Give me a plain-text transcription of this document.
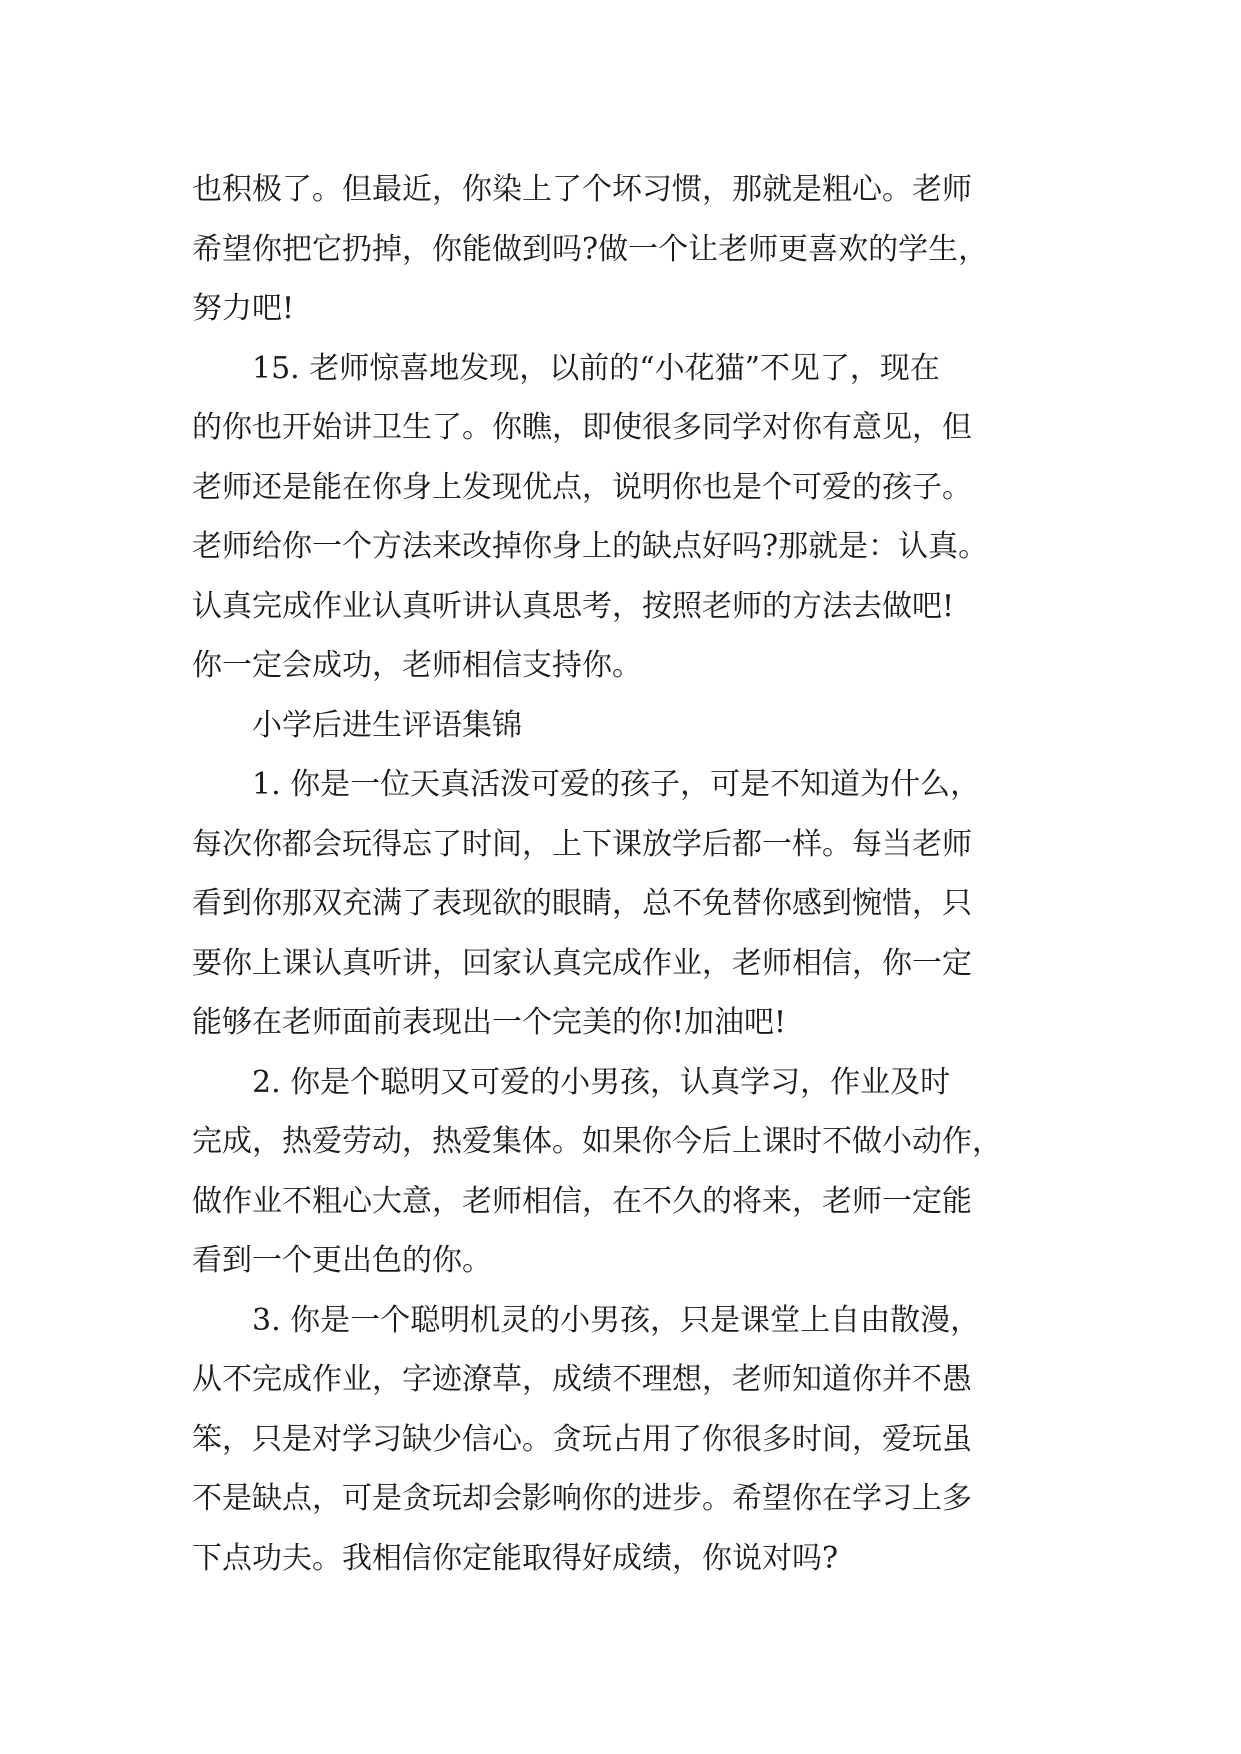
也积极了。但最近，你染上了个坏习惯，那就是粗心。老师
希望你把它扔掉，你能做到吗?做一个让老师更喜欢的学生，
努力吧!
15. 老师惊喜地发现，以前的“小花猫”不见了，现在
的你也开始讲卫生了。你瞧，即使很多同学对你有意见，但
老师还是能在你身上发现优点，说明你也是个可爱的孩子。
老师给你一个方法来改掉你身上的缺点好吗?那就是：认真。
认真完成作业认真听讲认真思考，按照老师的方法去做吧!
你一定会成功，老师相信支持你。
小学后进生评语集锦
1. 你是一位天真活泼可爱的孩子，可是不知道为什么，
每次你都会玩得忘了时间，上下课放学后都一样。每当老师
看到你那双充满了表现欲的眼睛，总不免替你感到惋惜，只
要你上课认真听讲，回家认真完成作业，老师相信，你一定
能够在老师面前表现出一个完美的你!加油吧!
2. 你是个聪明又可爱的小男孩，认真学习，作业及时
完成，热爱劳动，热爱集体。如果你今后上课时不做小动作，
做作业不粗心大意，老师相信，在不久的将来，老师一定能
看到一个更出色的你。
3. 你是一个聪明机灵的小男孩，只是课堂上自由散漫，
从不完成作业，字迹潦草，成绩不理想，老师知道你并不愚
笨，只是对学习缺少信心。贪玩占用了你很多时间，爱玩虽
不是缺点，可是贪玩却会影响你的进步。希望你在学习上多
下点功夫。我相信你定能取得好成绩，你说对吗?
